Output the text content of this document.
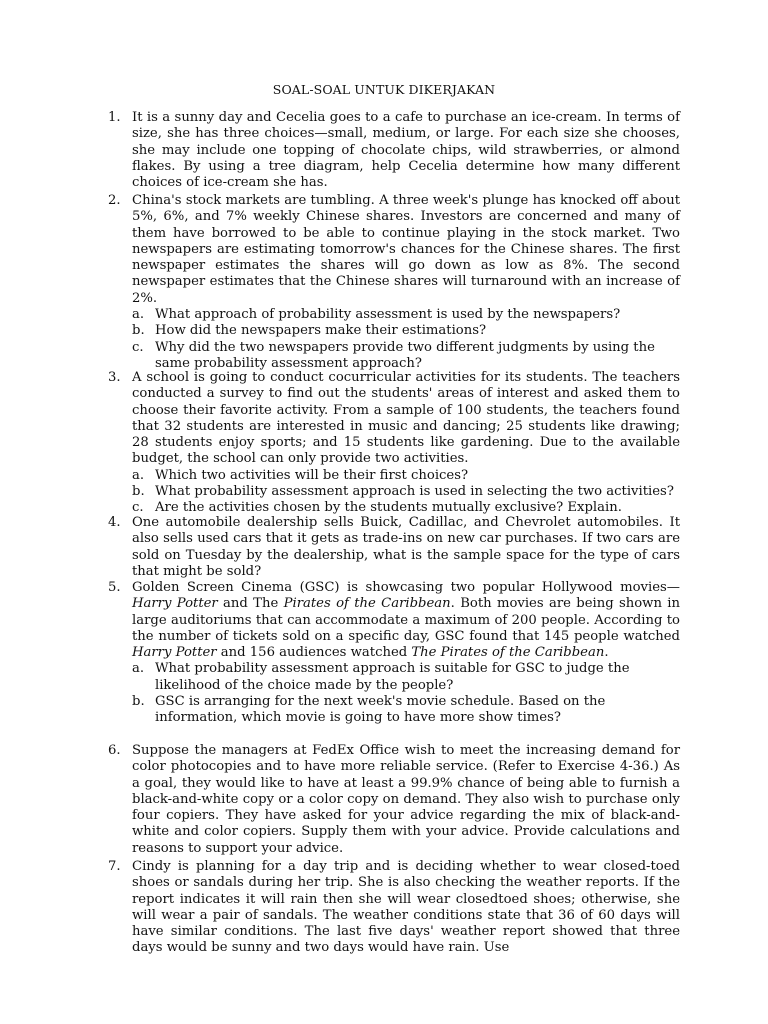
SOAL-SOAL UNTUK DIKERJAKAN
1. It is a sunny day and Cecelia goes to a cafe to purchase an ice-cream. In terms of size, she has three choices—small, medium, or large. For each size she chooses, she may include one topping of chocolate chips, wild strawberries, or almond flakes. By using a tree diagram, help Cecelia determine how many different choices of ice-cream she has.
2. China's stock markets are tumbling. A three week's plunge has knocked off about 5%, 6%, and 7% weekly Chinese shares. Investors are concerned and many of them have borrowed to be able to continue playing in the stock market. Two newspapers are estimating tomorrow's chances for the Chinese shares. The first newspaper estimates the shares will go down as low as 8%. The second newspaper estimates that the Chinese shares will turnaround with an increase of 2%.
a. What approach of probability assessment is used by the newspapers?
b. How did the newspapers make their estimations?
c. Why did the two newspapers provide two different judgments by using the same probability assessment approach?
3. A school is going to conduct cocurricular activities for its students. The teachers conducted a survey to find out the students' areas of interest and asked them to choose their favorite activity. From a sample of 100 students, the teachers found that 32 students are interested in music and dancing; 25 students like drawing; 28 students enjoy sports; and 15 students like gardening. Due to the available budget, the school can only provide two activities.
a. Which two activities will be their first choices?
b. What probability assessment approach is used in selecting the two activities?
c. Are the activities chosen by the students mutually exclusive? Explain.
4. One automobile dealership sells Buick, Cadillac, and Chevrolet automobiles. It also sells used cars that it gets as trade-ins on new car purchases. If two cars are sold on Tuesday by the dealership, what is the sample space for the type of cars that might be sold?
5. Golden Screen Cinema (GSC) is showcasing two popular Hollywood movies—Harry Potter and The Pirates of the Caribbean. Both movies are being shown in large auditoriums that can accommodate a maximum of 200 people. According to the number of tickets sold on a specific day, GSC found that 145 people watched Harry Potter and 156 audiences watched The Pirates of the Caribbean.
a. What probability assessment approach is suitable for GSC to judge the likelihood of the choice made by the people?
b. GSC is arranging for the next week's movie schedule. Based on the information, which movie is going to have more show times?
6. Suppose the managers at FedEx Office wish to meet the increasing demand for color photocopies and to have more reliable service. (Refer to Exercise 4-36.) As a goal, they would like to have at least a 99.9% chance of being able to furnish a black-and-white copy or a color copy on demand. They also wish to purchase only four copiers. They have asked for your advice regarding the mix of black-and-white and color copiers. Supply them with your advice. Provide calculations and reasons to support your advice.
7. Cindy is planning for a day trip and is deciding whether to wear closed-toed shoes or sandals during her trip. She is also checking the weather reports. If the report indicates it will rain then she will wear closedtoed shoes; otherwise, she will wear a pair of sandals. The weather conditions state that 36 of 60 days will have similar conditions. The last five days' weather report showed that three days would be sunny and two days would have rain. Use
